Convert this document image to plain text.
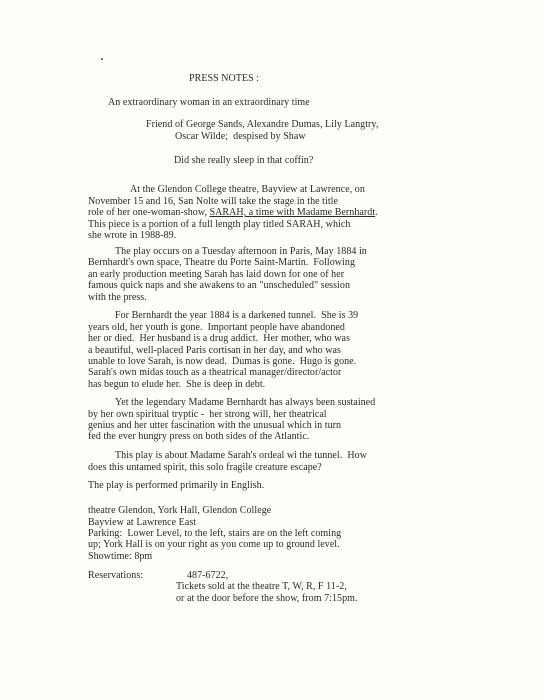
PRESS NOTES :
An extraordinary woman in an extraordinary time
Friend of George Sands, Alexandre Dumas, Lily Langtry,
Oscar Wilde;  despised by Shaw
Did she really sleep in that coffin?
At the Glendon College theatre, Bayview at Lawrence, on
November 15 and 16, San Nolte will take the stage in the title
role of her one-woman-show, SARAH, a time with Madame Bernhardt.
This piece is a portion of a full length play titled SARAH, which
she wrote in 1988-89.
The play occurs on a Tuesday afternoon in Paris, May 1884 in
Bernhardt's own space, Theatre du Porte Saint-Martin.  Following
an early production meeting Sarah has laid down for one of her
famous quick naps and she awakens to an "unscheduled" session
with the press.
For Bernhardt the year 1884 is a darkened tunnel.  She is 39
years old, her youth is gone.  Important people have abandoned
her or died.  Her husband is a drug addict.  Her mother, who was
a beautiful, well-placed Paris cortisan in her day, and who was
unable to love Sarah, is now dead.  Dumas is gone.  Hugo is gone.
Sarah's own midas touch as a theatrical manager/director/actor
has begun to elude her.  She is deep in debt.
Yet the legendary Madame Bernhardt has always been sustained
by her own spiritual tryptic -  her strong will, her theatrical
genius and her utter fascination with the unusual which in turn
fed the ever hungry press on both sides of the Atlantic.
This play is about Madame Sarah's ordeal wi the tunnel.  How
does this untamed spirit, this solo fragile creature escape?
The play is performed primarily in English.
theatre Glendon, York Hall, Glendon College
Bayview at Lawrence East
Parking:  Lower Level, to the left, stairs are on the left coming
up; York Hall is on your right as you come up to ground level.
Showtime: 8pm
Reservations:	487-6722,
Tickets sold at the theatre T, W, R, F 11-2,
or at the door before the show, from 7:15pm.
